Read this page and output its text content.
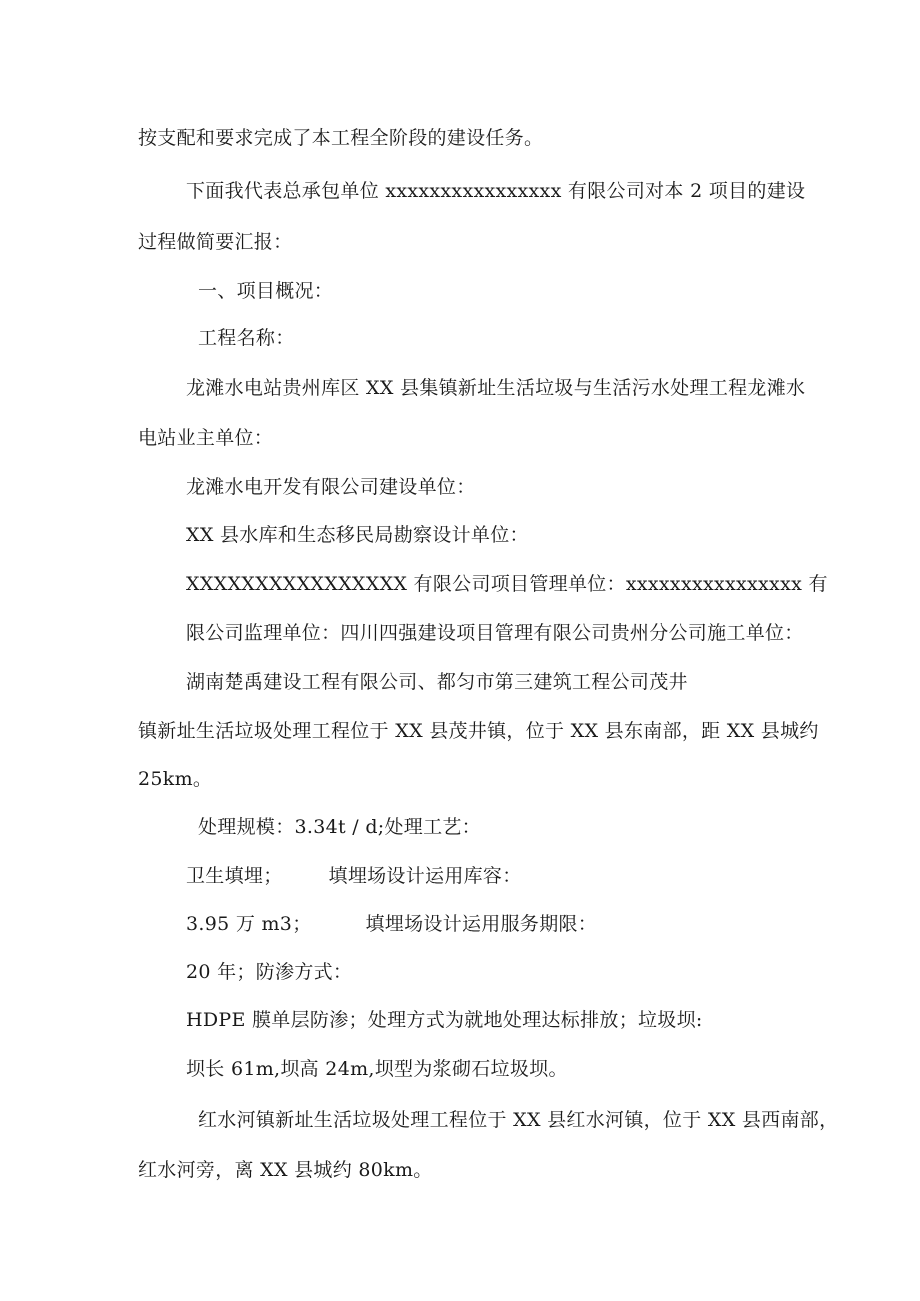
按支配和要求完成了本工程全阶段的建设任务。
下面我代表总承包单位 xxxxxxxxxxxxxxxx 有限公司对本 2 项目的建设
过程做简要汇报：
一、项目概况：
工程名称：
龙滩水电站贵州库区 XX 县集镇新址生活垃圾与生活污水处理工程龙滩水
电站业主单位：
龙滩水电开发有限公司建设单位：
XX 县水库和生态移民局勘察设计单位：
XXXXXXXXXXXXXXXX 有限公司项目管理单位：xxxxxxxxxxxxxxxx 有
限公司监理单位：四川四强建设项目管理有限公司贵州分公司施工单位：
湖南楚禹建设工程有限公司、都匀市第三建筑工程公司茂井
镇新址生活垃圾处理工程位于 XX 县茂井镇，位于 XX 县东南部，距 XX 县城约
25km。
处理规模：3.34t / d;处理工艺：
卫生填埋； 填埋场设计运用库容：
3.95 万 m3；	填埋场设计运用服务期限：
20 年；防渗方式：
HDPE 膜单层防渗；处理方式为就地处理达标排放；垃圾坝:
坝长 61m,坝高 24m,坝型为浆砌石垃圾坝。
红水河镇新址生活垃圾处理工程位于 XX 县红水河镇，位于 XX 县西南部，
红水河旁，离 XX 县城约 80km。
